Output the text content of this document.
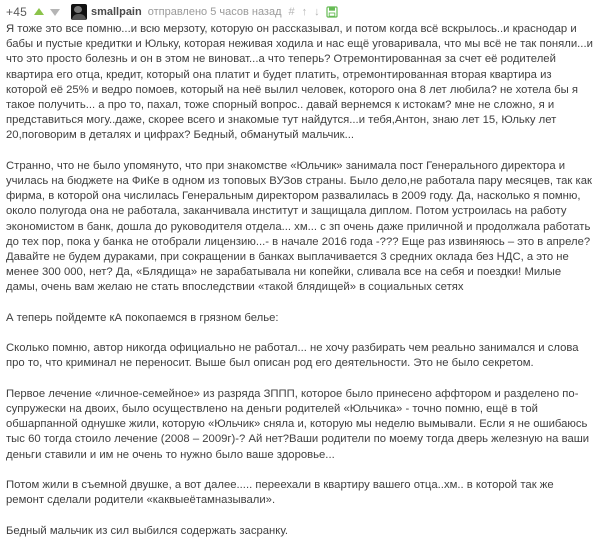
+45	smallpain отправлено 5 часов назад # ↑ ↓

Я тоже это все помню...и всю мерзоту, которую он рассказывал, и потом когда всё вскрылось..и краснодар и бабы и пустые кредитки и Юльку, которая неживая ходила и нас ещё уговаривала, что мы всё не так поняли...и что это просто болезнь и он в этом не виноват...а что теперь? Отремонтированная за счет её родителей квартира его отца, кредит, который она платит и будет платить, отремонтированная вторая квартира из которой её 25% и ведро помоев, который на неё вылил человек, которого она 8 лет любила? не хотела бы я такое получить... а про то, пахал, тоже спорный вопрос.. давай вернемся к истокам? мне не сложно, я и представиться могу..даже, скорее всего и знакомые тут найдутся...и тебя,Антон, знаю лет 15, Юльку лет 20,поговорим в деталях и цифрах? Бедный, обманутый мальчик...

Странно, что не было упомянуто, что при знакомстве «Юльчик» занимала пост Генерального директора и училась на бюджете на ФиКе в одном из топовых ВУЗов страны. Было дело,не работала пару месяцев, так как фирма, в которой она числилась Генеральным директором развалилась в 2009 году. Да, насколько я помню, около полугода она не работала, заканчивала институт и защищала диплом. Потом устроилась на работу экономистом в банк, дошла до руководителя отдела... хм... с зп очень даже приличной и продолжала работать до тех пор, пока у банка не отобрали лицензию...- в начале 2016 года -??? Еще раз извиняюсь – это в апреле? Давайте не будем дураками, при сокращении в банках выплачивается 3 средних оклада без НДС, а это не менее 300 000, нет? Да, «Блядища» не зарабатывала ни копейки, сливала все на себя и поездки! Милые дамы, очень вам желаю не стать впоследствии «такой блядищей» в социальных сетях

А теперь пойдемте кА покопаемся в грязном белье:

Сколько помню, автор никогда официально не работал... не хочу разбирать чем реально занимался и слова про то, что криминал не переносит. Выше был описан род его деятельности. Это не было секретом.

Первое лечение «личное-семейное» из разряда ЗППП, которое было принесено аффтором и разделено по-супружески на двоих, было осуществлено на деньги родителей «Юльчика» - точно помню, ещё в той обшарпанной однушке жили, которую «Юльчик» сняла и, которую мы неделю вымывали. Если я не ошибаюсь тыс 60 тогда стоило лечение (2008 – 2009г)-? Ай нет?Ваши родители по моему тогда дверь железную на ваши деньги ставили и им не очень то нужно было ваше здоровье...

Потом жили в съемной двушке, а вот далее..... переехали в квартиру вашего отца..хм.. в которой так же ремонт сделали родители «каквыеётамназывали».

Бедный мальчик из сил выбился содержать засранку.
